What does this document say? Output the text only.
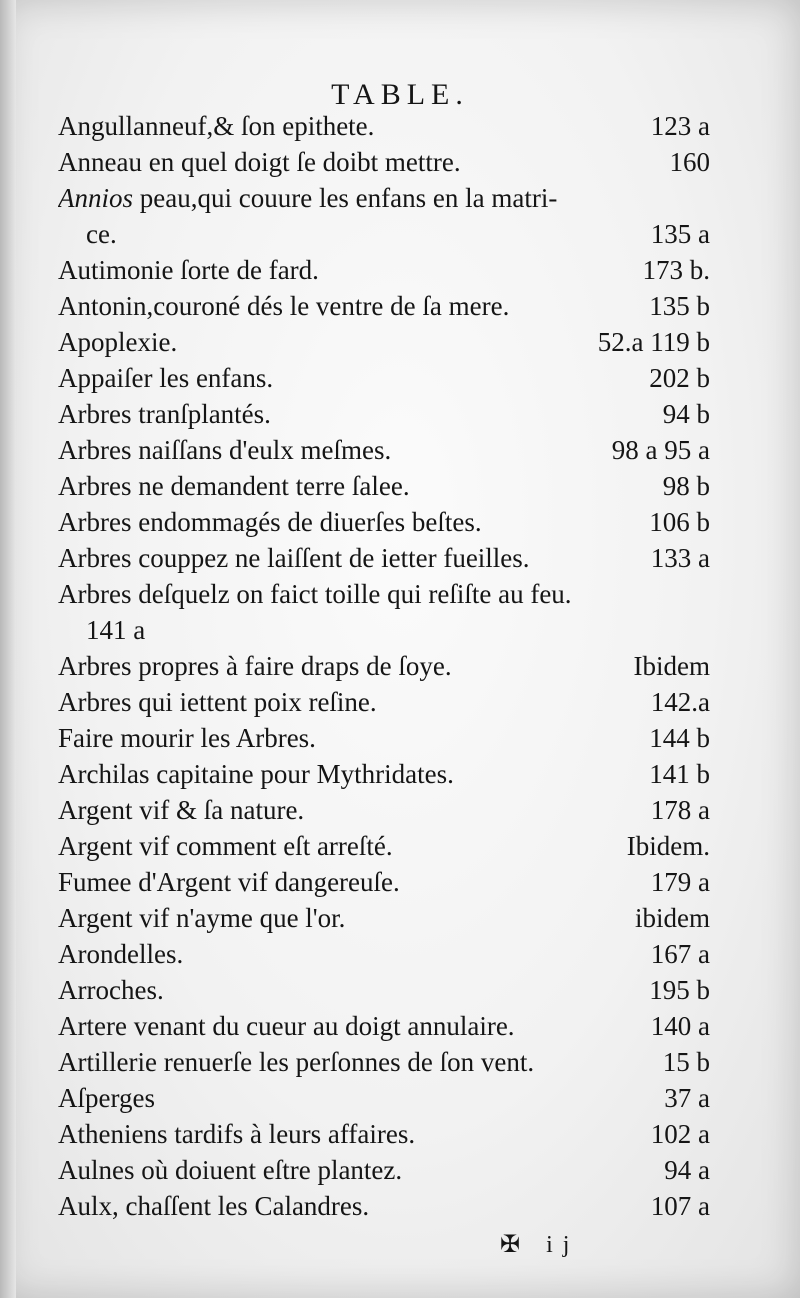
TABLE.
Angullanneuf,& ſon epithete.	123 a
Anneau en quel doigt ſe doibt mettre.	160
Annios peau,qui couure les enfans en la matri-
ce.	135 a
Autimonie ſorte de fard.	173 b.
Antonin,couroné dés le ventre de ſa mere.	135 b
Apoplexie.	52.a 119 b
Appaiſer les enfans.	202 b
Arbres tranſplantés.	94 b
Arbres naiſſans d'eulx meſmes.	98 a 95 a
Arbres ne demandent terre ſalee.	98 b
Arbres endommagés de diuerſes beſtes.	106 b
Arbres couppez ne laiſſent de ietter fueilles.	133 a
Arbres deſquelz on faict toille qui reſiſte au feu.
141 a
Arbres propres à faire draps de ſoye.	Ibidem
Arbres qui iettent poix reſine.	142.a
Faire mourir les Arbres.	144 b
Archilas capitaine pour Mythridates.	141 b
Argent vif & ſa nature.	178 a
Argent vif comment eſt arreſté.	Ibidem.
Fumee d'Argent vif dangereuſe.	179 a
Argent vif n'ayme que l'or.	ibidem
Arondelles.	167 a
Arroches.	195 b
Artere venant du cueur au doigt annulaire.	140 a
Artillerie renuerſe les perſonnes de ſon vent.	15 b
Aſperges	37 a
Atheniens tardifs à leurs affaires.	102 a
Aulnes où doiuent eſtre plantez.	94 a
Aulx, chaſſent les Calandres.	107 a
✠ ij
